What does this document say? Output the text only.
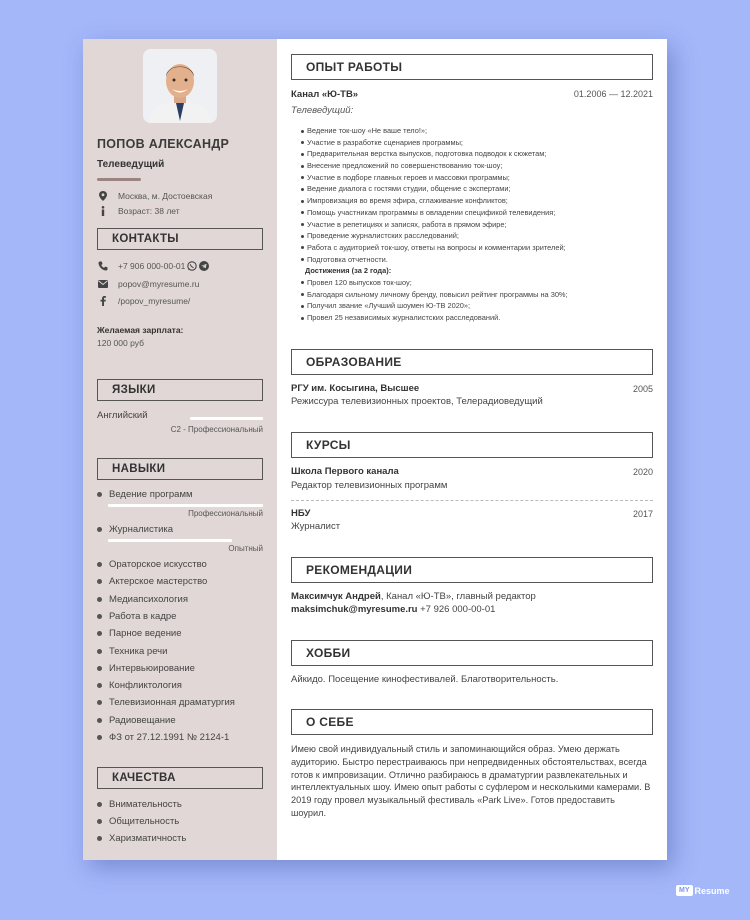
ПОПОВ АЛЕКСАНДР
Телеведущий
Москва, м. Достоевская
Возраст: 38 лет
КОНТАКТЫ
+7 906 000-00-01
popov@myresume.ru
/popov_myresume/
Желаемая зарплата:
120 000 руб
ЯЗЫКИ
Английский
С2 - Профессиональный
НАВЫКИ
Ведение программ
Профессиональный
Журналистика
Опытный
Ораторское искусство
Актерское мастерство
Медиапсихология
Работа в кадре
Парное ведение
Техника речи
Интервьюирование
Конфликтология
Телевизионная драматургия
Радиовещание
ФЗ от 27.12.1991 № 2124-1
КАЧЕСТВА
Внимательность
Общительность
Харизматичность
ОПЫТ РАБОТЫ
Канал «Ю-ТВ»	01.2006 — 12.2021
Телеведущий:
Ведение ток-шоу «Не ваше тело!»;
Участие в разработке сценариев программы;
Предварительная верстка выпусков, подготовка подводок к сюжетам;
Внесение предложений по совершенствованию ток-шоу;
Участие в подборе главных героев и массовки программы;
Ведение диалога с гостями студии, общение с экспертами;
Импровизация во время эфира, сглаживание конфликтов;
Помощь участникам программы в овладении спецификой телевидения;
Участие в репетициях и записях, работа в прямом эфире;
Проведение журналистских расследований;
Работа с аудиторией ток-шоу, ответы на вопросы и комментарии зрителей;
Подготовка отчетности.
Достижения (за 2 года):
Провел 120 выпусков ток-шоу;
Благодаря сильному личному бренду, повысил рейтинг программы на 30%;
Получил звание «Лучший шоумен Ю-ТВ 2020»;
Провел 25 независимых журналистских расследований.
ОБРАЗОВАНИЕ
РГУ им. Косыгина, Высшее	2005
Режиссура телевизионных проектов, Телерадиоведущий
КУРСЫ
Школа Первого канала	2020
Редактор телевизионных программ
НБУ	2017
Журналист
РЕКОМЕНДАЦИИ
Максимчук Андрей, Канал «Ю-ТВ», главный редактор
maksimchuk@myresume.ru +7 926 000-00-01
ХОББИ
Айкидо. Посещение кинофестивалей. Благотворительность.
О СЕБЕ
Имею свой индивидуальный стиль и запоминающийся образ. Умею держать аудиторию. Быстро перестраиваюсь при непредвиденных обстоятельствах, всегда готов к импровизации. Отлично разбираюсь в драматургии развлекательных и интеллектуальных шоу. Имею опыт работы с суфлером и несколькими камерами. В 2019 году провел музыкальный фестиваль «Park Live». Готов предоставить шоурил.
MY Resume
